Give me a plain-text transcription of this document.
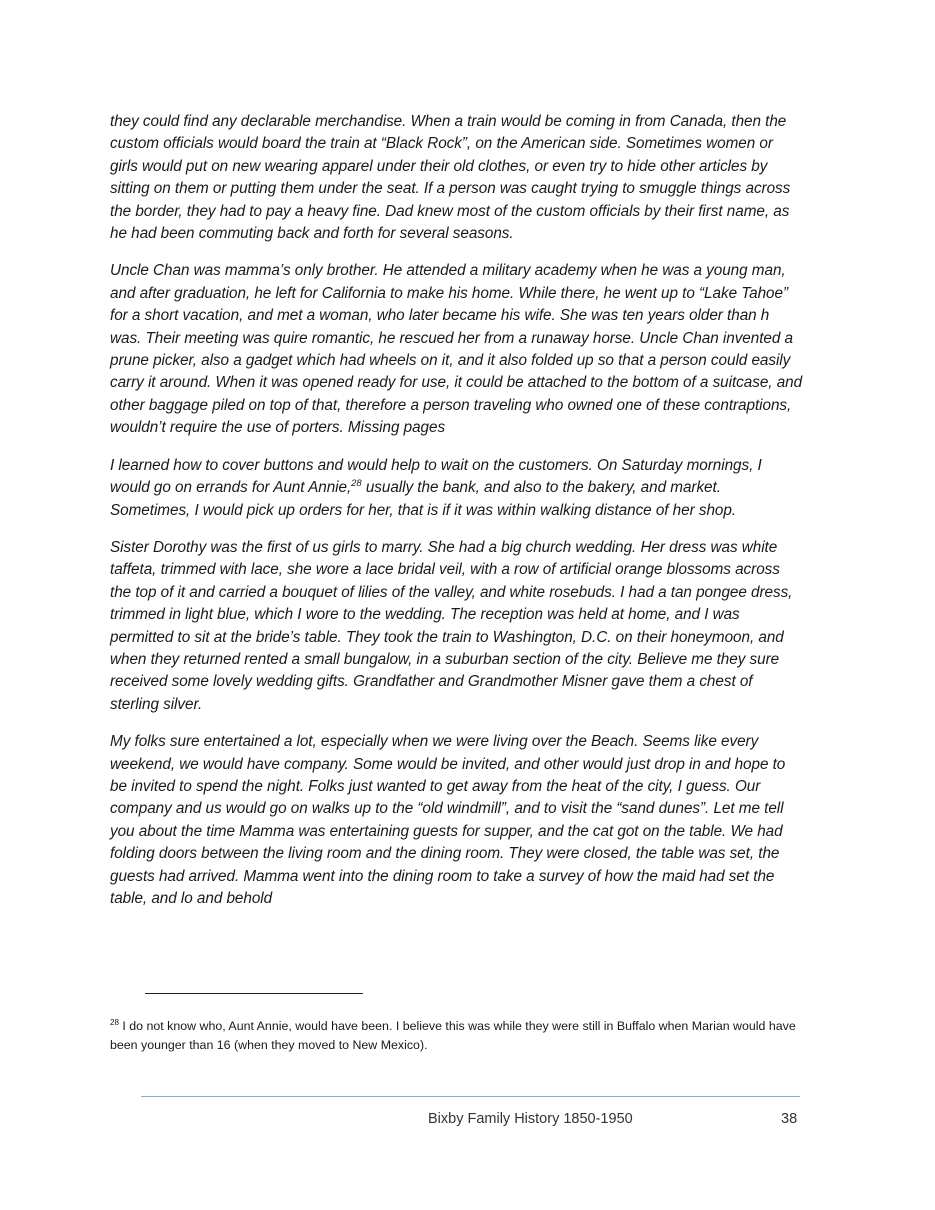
they could find any declarable merchandise. When a train would be coming in from Canada, then the custom officials would board the train at “Black Rock”, on the American side. Sometimes women or girls would put on new wearing apparel under their old clothes, or even try to hide other articles by sitting on them or putting them under the seat. If a person was caught trying to smuggle things across the border, they had to pay a heavy fine. Dad knew most of the custom officials by their first name, as he had been commuting back and forth for several seasons.

Uncle Chan was mamma’s only brother. He attended a military academy when he was a young man, and after graduation, he left for California to make his home. While there, he went up to “Lake Tahoe” for a short vacation, and met a woman, who later became his wife. She was ten years older than h was. Their meeting was quire romantic, he rescued her from a runaway horse. Uncle Chan invented a prune picker, also a gadget which had wheels on it, and it also folded up so that a person could easily carry it around. When it was opened ready for use, it could be attached to the bottom of a suitcase, and other baggage piled on top of that, therefore a person traveling who owned one of these contraptions, wouldn’t require the use of porters. Missing pages

I learned how to cover buttons and would help to wait on the customers. On Saturday mornings, I would go on errands for Aunt Annie,$^{28}$ usually the bank, and also to the bakery, and market. Sometimes, I would pick up orders for her, that is if it was within walking distance of her shop.

Sister Dorothy was the first of us girls to marry. She had a big church wedding. Her dress was white taffeta, trimmed with lace, she wore a lace bridal veil, with a row of artificial orange blossoms across the top of it and carried a bouquet of lilies of the valley, and white rosebuds. I had a tan pongee dress, trimmed in light blue, which I wore to the wedding. The reception was held at home, and I was permitted to sit at the bride’s table. They took the train to Washington, D.C. on their honeymoon, and when they returned rented a small bungalow, in a suburban section of the city. Believe me they sure received some lovely wedding gifts. Grandfather and Grandmother Misner gave them a chest of sterling silver.

My folks sure entertained a lot, especially when we were living over the Beach. Seems like every weekend, we would have company. Some would be invited, and other would just drop in and hope to be invited to spend the night. Folks just wanted to get away from the heat of the city, I guess. Our company and us would go on walks up to the “old windmill”, and to visit the “sand dunes”. Let me tell you about the time Mamma was entertaining guests for supper, and the cat got on the table. We had folding doors between the living room and the dining room. They were closed, the table was set, the guests had arrived. Mamma went into the dining room to take a survey of how the maid had set the table, and lo and behold

$^{28}$ I do not know who, Aunt Annie, would have been. I believe this was while they were still in Buffalo when Marian would have been younger than 16 (when they moved to New Mexico).
Bixby Family History 1850-1950	38
